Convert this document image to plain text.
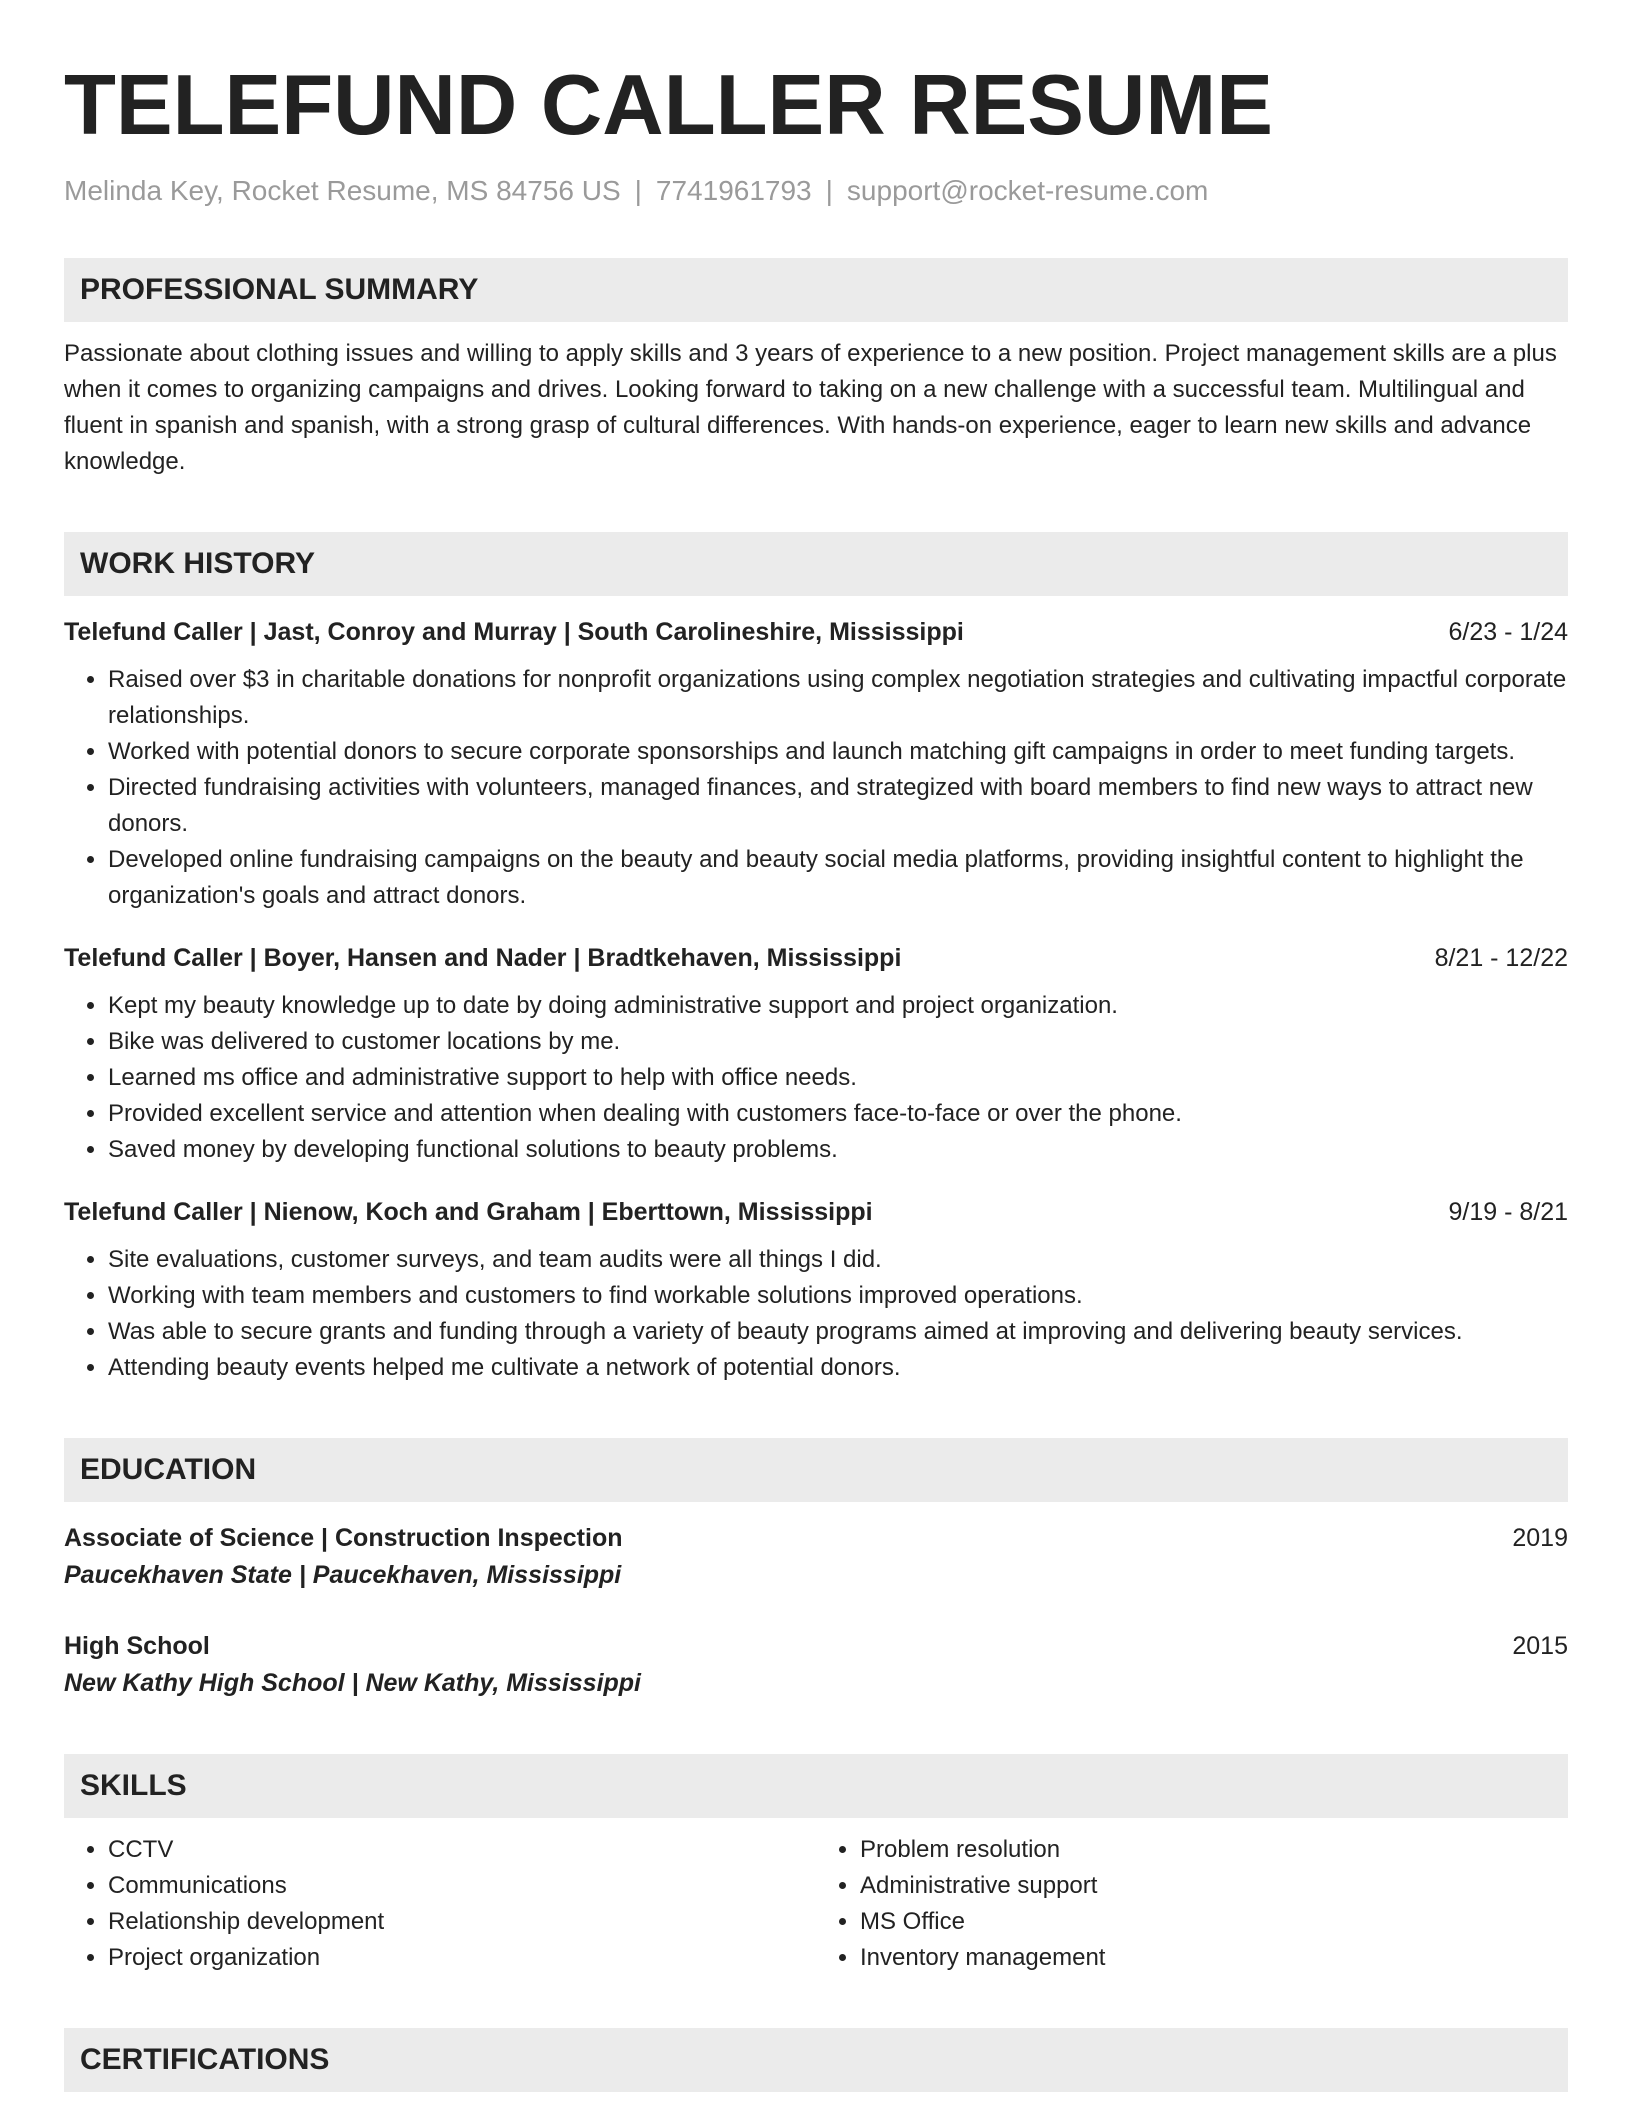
TELEFUND CALLER RESUME
Melinda Key, Rocket Resume, MS 84756 US | 7741961793 | support@rocket-resume.com
PROFESSIONAL SUMMARY
Passionate about clothing issues and willing to apply skills and 3 years of experience to a new position. Project management skills are a plus when it comes to organizing campaigns and drives. Looking forward to taking on a new challenge with a successful team. Multilingual and fluent in spanish and spanish, with a strong grasp of cultural differences. With hands-on experience, eager to learn new skills and advance knowledge.
WORK HISTORY
Telefund Caller | Jast, Conroy and Murray | South Carolineshire, Mississippi	6/23 - 1/24
• Raised over $3 in charitable donations for nonprofit organizations using complex negotiation strategies and cultivating impactful corporate relationships.
• Worked with potential donors to secure corporate sponsorships and launch matching gift campaigns in order to meet funding targets.
• Directed fundraising activities with volunteers, managed finances, and strategized with board members to find new ways to attract new donors.
• Developed online fundraising campaigns on the beauty and beauty social media platforms, providing insightful content to highlight the organization's goals and attract donors.
Telefund Caller | Boyer, Hansen and Nader | Bradtkehaven, Mississippi	8/21 - 12/22
• Kept my beauty knowledge up to date by doing administrative support and project organization.
• Bike was delivered to customer locations by me.
• Learned ms office and administrative support to help with office needs.
• Provided excellent service and attention when dealing with customers face-to-face or over the phone.
• Saved money by developing functional solutions to beauty problems.
Telefund Caller | Nienow, Koch and Graham | Eberttown, Mississippi	9/19 - 8/21
• Site evaluations, customer surveys, and team audits were all things I did.
• Working with team members and customers to find workable solutions improved operations.
• Was able to secure grants and funding through a variety of beauty programs aimed at improving and delivering beauty services.
• Attending beauty events helped me cultivate a network of potential donors.
EDUCATION
Associate of Science | Construction Inspection	2019
Paucekhaven State | Paucekhaven, Mississippi
High School	2015
New Kathy High School | New Kathy, Mississippi
SKILLS
• CCTV
• Communications
• Relationship development
• Project organization
• Problem resolution
• Administrative support
• MS Office
• Inventory management
CERTIFICATIONS
